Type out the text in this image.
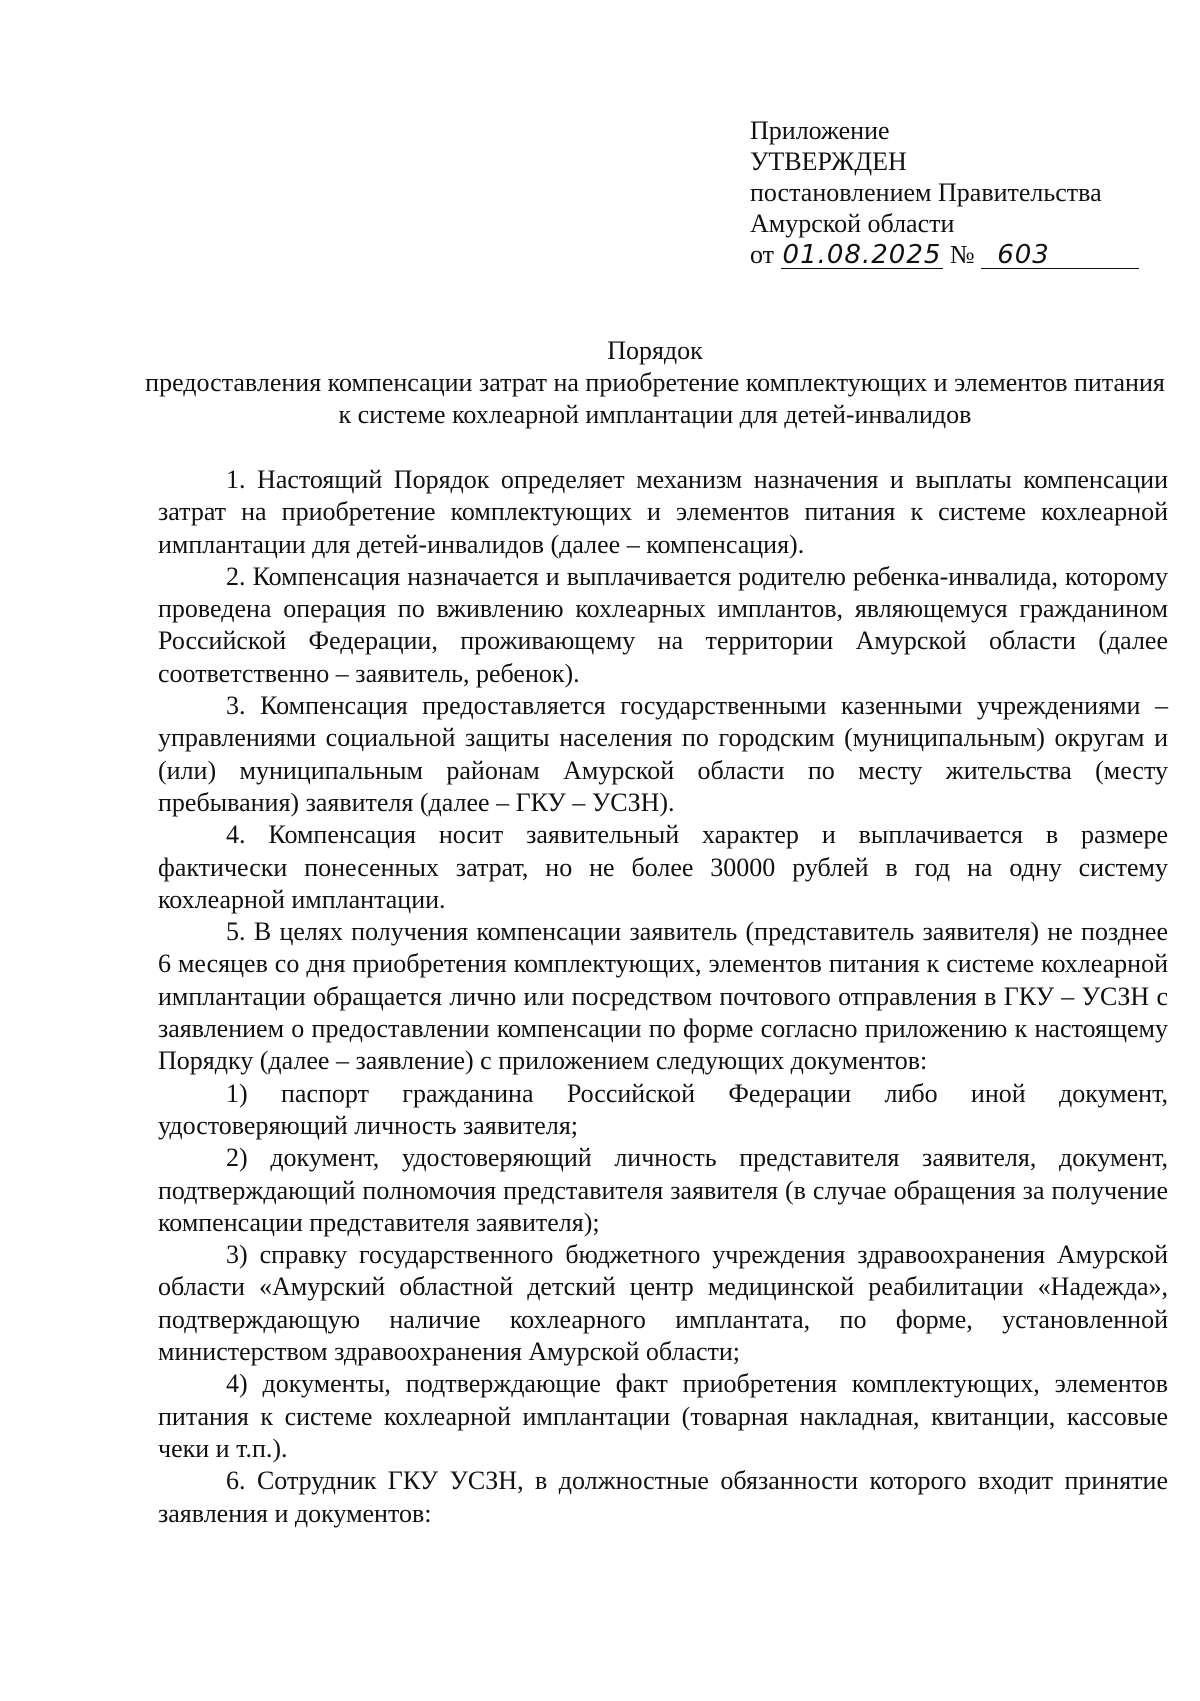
Приложение
УТВЕРЖДЕН
постановлением Правительства
Амурской области
от 01.08.2025 № 603
Порядок
предоставления компенсации затрат на приобретение комплектующих и элементов питания к системе кохлеарной имплантации для детей-инвалидов

1. Настоящий Порядок определяет механизм назначения и выплаты компенсации затрат на приобретение комплектующих и элементов питания к системе кохлеарной имплантации для детей-инвалидов (далее – компенсация).

2. Компенсация назначается и выплачивается родителю ребенка-инвалида, которому проведена операция по вживлению кохлеарных имплантов, являющемуся гражданином Российской Федерации, проживающему на территории Амурской области (далее соответственно – заявитель, ребенок).

3. Компенсация предоставляется государственными казенными учреждениями – управлениями социальной защиты населения по городским (муниципальным) округам и (или) муниципальным районам Амурской области по месту жительства (месту пребывания) заявителя (далее – ГКУ – УСЗН).

4. Компенсация носит заявительный характер и выплачивается в размере фактически понесенных затрат, но не более 30000 рублей в год на одну систему кохлеарной имплантации.

5. В целях получения компенсации заявитель (представитель заявителя) не позднее 6 месяцев со дня приобретения комплектующих, элементов питания к системе кохлеарной имплантации обращается лично или посредством почтового отправления в ГКУ – УСЗН с заявлением о предоставлении компенсации по форме согласно приложению к настоящему Порядку (далее – заявление) с приложением следующих документов:

1) паспорт гражданина Российской Федерации либо иной документ, удостоверяющий личность заявителя;

2) документ, удостоверяющий личность представителя заявителя, документ, подтверждающий полномочия представителя заявителя (в случае обращения за получение компенсации представителя заявителя);

3) справку государственного бюджетного учреждения здравоохранения Амурской области «Амурский областной детский центр медицинской реабилитации «Надежда», подтверждающую наличие кохлеарного имплантата, по форме, установленной министерством здравоохранения Амурской области;

4) документы, подтверждающие факт приобретения комплектующих, элементов питания к системе кохлеарной имплантации (товарная накладная, квитанции, кассовые чеки и т.п.).

6. Сотрудник ГКУ УСЗН, в должностные обязанности которого входит принятие заявления и документов:
